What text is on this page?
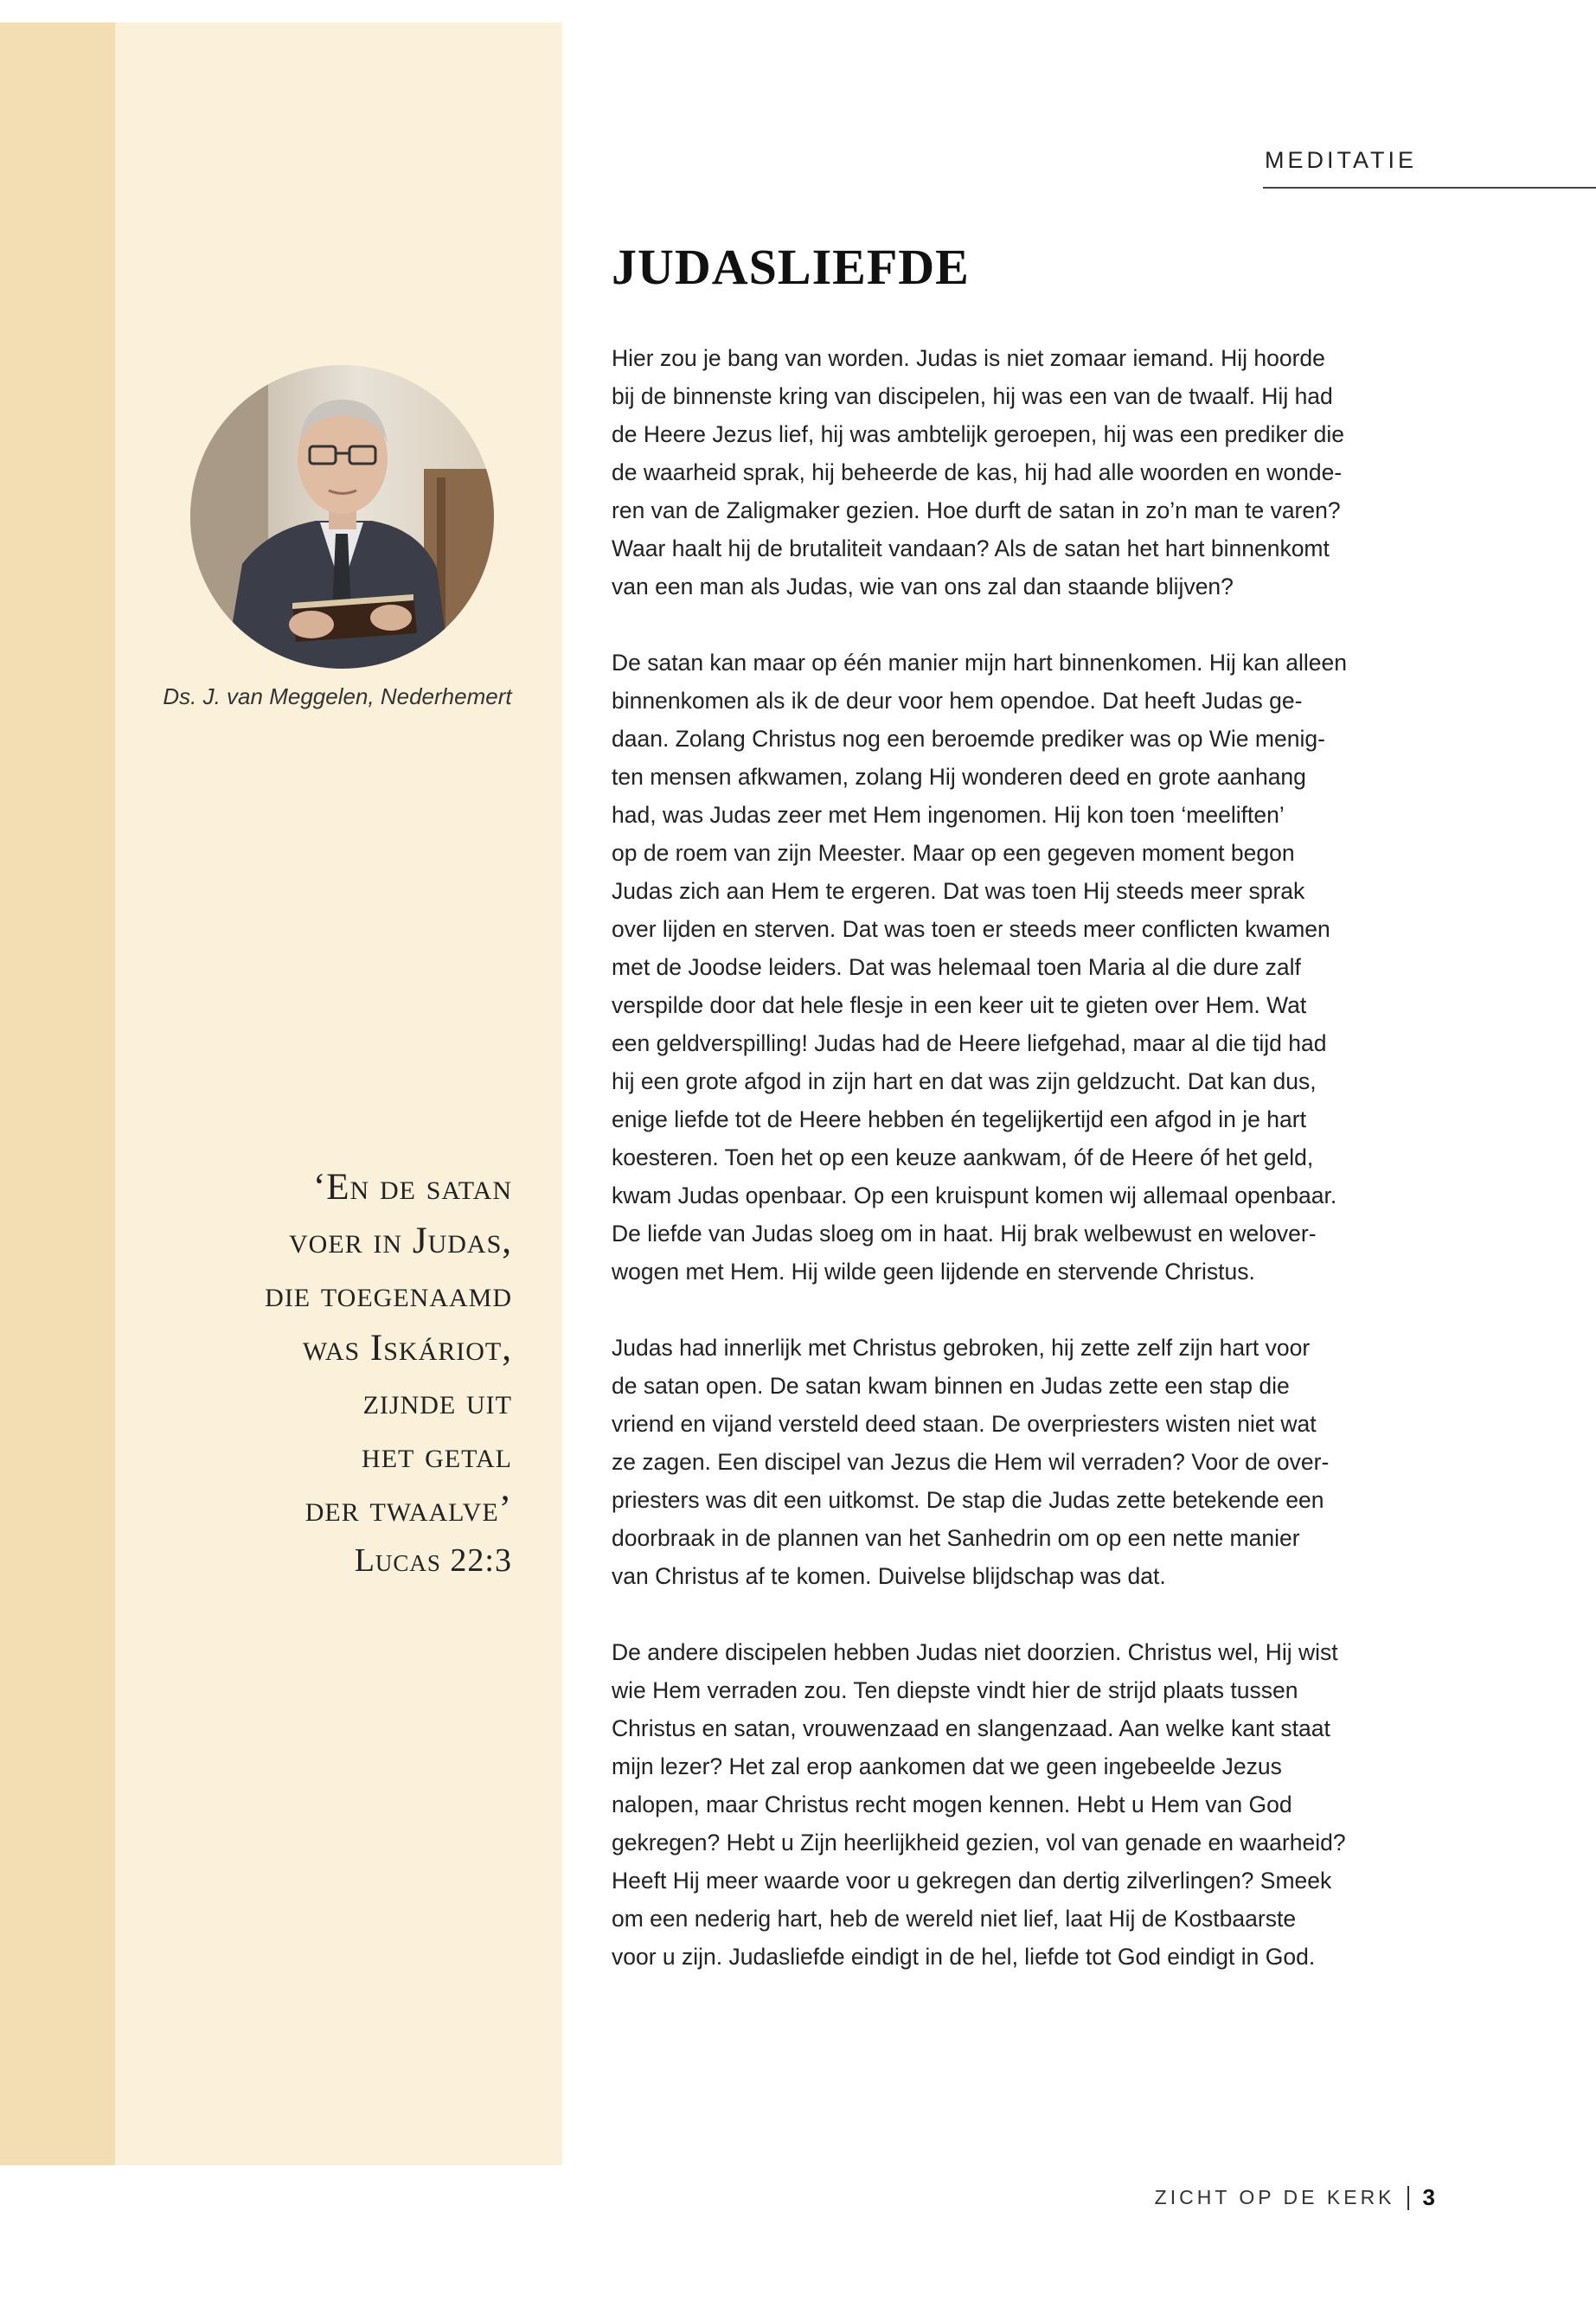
MEDITATIE
JUDASLIEFDE
Ds. J. van Meggelen, Nederhemert
‘En de satan
voer in Judas,
die toegenaamd
was Iskáriot,
zijnde uit
het getal
der twaalve’
Lucas 22:3

Hier zou je bang van worden. Judas is niet zomaar iemand. Hij hoorde
bij de binnenste kring van discipelen, hij was een van de twaalf. Hij had
de Heere Jezus lief, hij was ambtelijk geroepen, hij was een prediker die
de waarheid sprak, hij beheerde de kas, hij had alle woorden en wonde-
ren van de Zaligmaker gezien. Hoe durft de satan in zo’n man te varen?
Waar haalt hij de brutaliteit vandaan? Als de satan het hart binnenkomt
van een man als Judas, wie van ons zal dan staande blijven?

De satan kan maar op één manier mijn hart binnenkomen. Hij kan alleen
binnenkomen als ik de deur voor hem opendoe. Dat heeft Judas ge-
daan. Zolang Christus nog een beroemde prediker was op Wie menig-
ten mensen afkwamen, zolang Hij wonderen deed en grote aanhang
had, was Judas zeer met Hem ingenomen. Hij kon toen ‘meeliften’
op de roem van zijn Meester. Maar op een gegeven moment begon
Judas zich aan Hem te ergeren. Dat was toen Hij steeds meer sprak
over lijden en sterven. Dat was toen er steeds meer conflicten kwamen
met de Joodse leiders. Dat was helemaal toen Maria al die dure zalf
verspilde door dat hele flesje in een keer uit te gieten over Hem. Wat
een geldverspilling! Judas had de Heere liefgehad, maar al die tijd had
hij een grote afgod in zijn hart en dat was zijn geldzucht. Dat kan dus,
enige liefde tot de Heere hebben én tegelijkertijd een afgod in je hart
koesteren. Toen het op een keuze aankwam, óf de Heere óf het geld,
kwam Judas openbaar. Op een kruispunt komen wij allemaal openbaar.
De liefde van Judas sloeg om in haat. Hij brak welbewust en welover-
wogen met Hem. Hij wilde geen lijdende en stervende Christus.

Judas had innerlijk met Christus gebroken, hij zette zelf zijn hart voor
de satan open. De satan kwam binnen en Judas zette een stap die
vriend en vijand versteld deed staan. De overpriesters wisten niet wat
ze zagen. Een discipel van Jezus die Hem wil verraden? Voor de over-
priesters was dit een uitkomst. De stap die Judas zette betekende een
doorbraak in de plannen van het Sanhedrin om op een nette manier
van Christus af te komen. Duivelse blijdschap was dat.

De andere discipelen hebben Judas niet doorzien. Christus wel, Hij wist
wie Hem verraden zou. Ten diepste vindt hier de strijd plaats tussen
Christus en satan, vrouwenzaad en slangenzaad. Aan welke kant staat
mijn lezer? Het zal erop aankomen dat we geen ingebeelde Jezus
nalopen, maar Christus recht mogen kennen. Hebt u Hem van God
gekregen? Hebt u Zijn heerlijkheid gezien, vol van genade en waarheid?
Heeft Hij meer waarde voor u gekregen dan dertig zilverlingen? Smeek
om een nederig hart, heb de wereld niet lief, laat Hij de Kostbaarste
voor u zijn. Judasliefde eindigt in de hel, liefde tot God eindigt in God.

ZICHT OP DE KERK 3
